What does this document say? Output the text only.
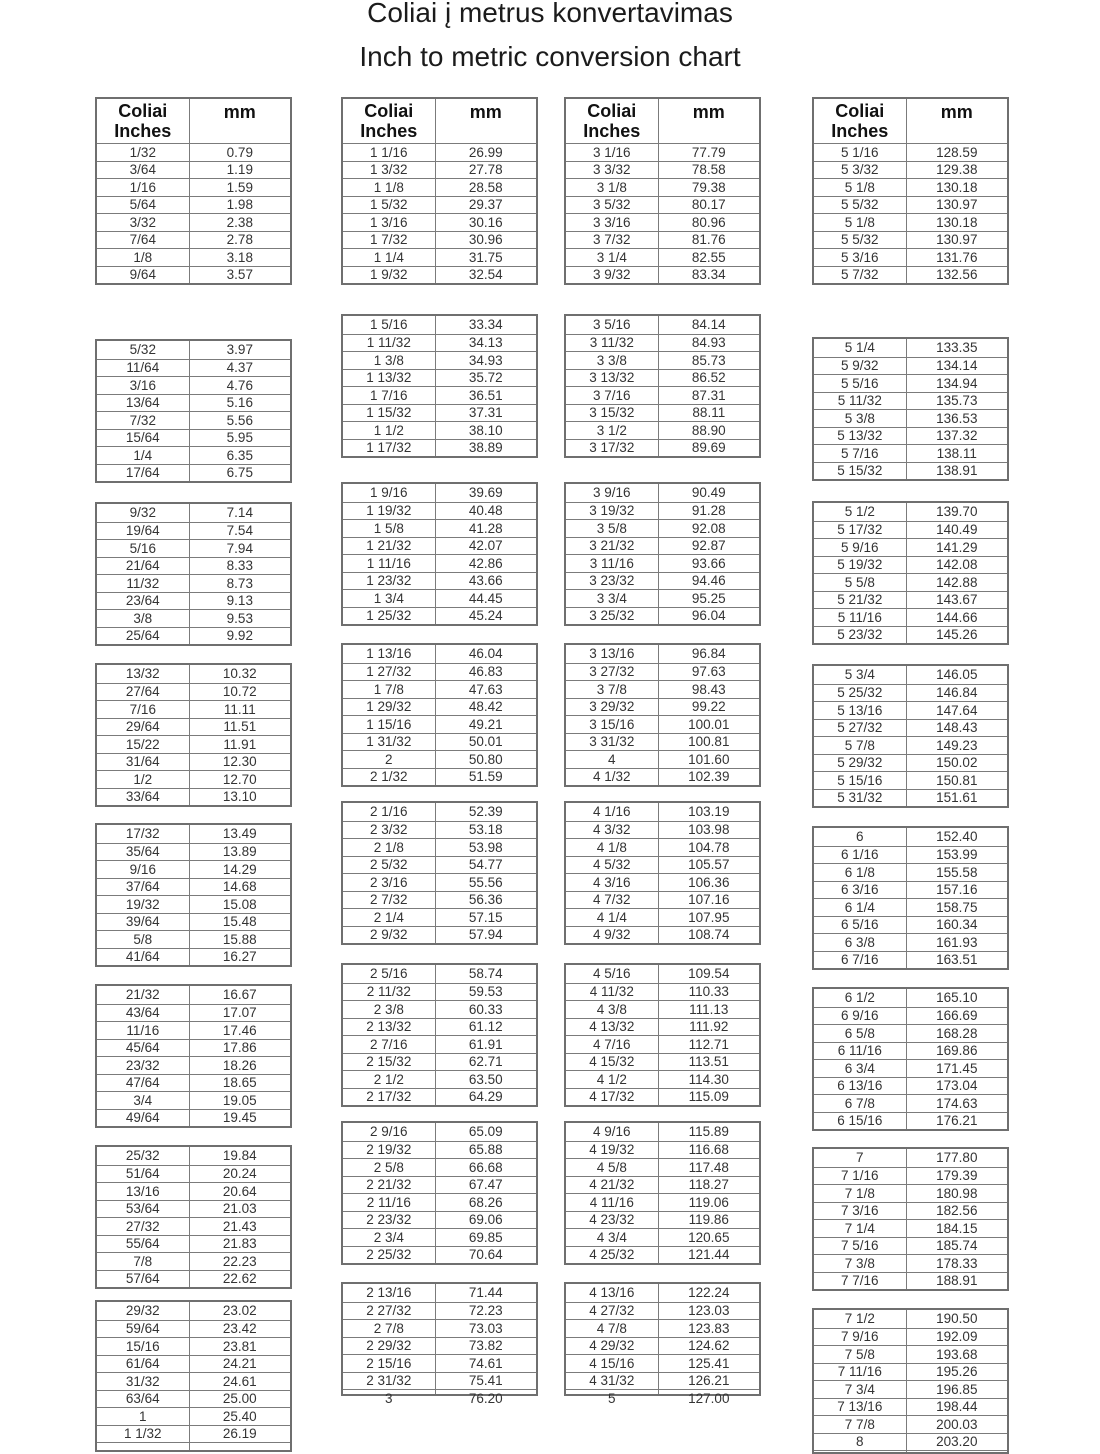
Coliai į metrus konvertavimas
Inch to metric conversion chart
Coliai
Inches
mm
1/32	0.79
3/64	1.19
1/16	1.59
5/64	1.98
3/32	2.38
7/64	2.78
1/8	3.18
9/64	3.57
5/32	3.97
11/64	4.37
3/16	4.76
13/64	5.16
7/32	5.56
15/64	5.95
1/4	6.35
17/64	6.75
9/32	7.14
19/64	7.54
5/16	7.94
21/64	8.33
11/32	8.73
23/64	9.13
3/8	9.53
25/64	9.92
13/32	10.32
27/64	10.72
7/16	11.11
29/64	11.51
15/22	11.91
31/64	12.30
1/2	12.70
33/64	13.10
17/32	13.49
35/64	13.89
9/16	14.29
37/64	14.68
19/32	15.08
39/64	15.48
5/8	15.88
41/64	16.27
21/32	16.67
43/64	17.07
11/16	17.46
45/64	17.86
23/32	18.26
47/64	18.65
3/4	19.05
49/64	19.45
25/32	19.84
51/64	20.24
13/16	20.64
53/64	21.03
27/32	21.43
55/64	21.83
7/8	22.23
57/64	22.62
29/32	23.02
59/64	23.42
15/16	23.81
61/64	24.21
31/32	24.61
63/64	25.00
1	25.40
1 1/32	26.19
Coliai
Inches
mm
1 1/16	26.99
1 3/32	27.78
1 1/8	28.58
1 5/32	29.37
1 3/16	30.16
1 7/32	30.96
1 1/4	31.75
1 9/32	32.54
1 5/16	33.34
1 11/32	34.13
1 3/8	34.93
1 13/32	35.72
1 7/16	36.51
1 15/32	37.31
1 1/2	38.10
1 17/32	38.89
1 9/16	39.69
1 19/32	40.48
1 5/8	41.28
1 21/32	42.07
1 11/16	42.86
1 23/32	43.66
1 3/4	44.45
1 25/32	45.24
1 13/16	46.04
1 27/32	46.83
1 7/8	47.63
1 29/32	48.42
1 15/16	49.21
1 31/32	50.01
2	50.80
2 1/32	51.59
2 1/16	52.39
2 3/32	53.18
2 1/8	53.98
2 5/32	54.77
2 3/16	55.56
2 7/32	56.36
2 1/4	57.15
2 9/32	57.94
2 5/16	58.74
2 11/32	59.53
2 3/8	60.33
2 13/32	61.12
2 7/16	61.91
2 15/32	62.71
2 1/2	63.50
2 17/32	64.29
2 9/16	65.09
2 19/32	65.88
2 5/8	66.68
2 21/32	67.47
2 11/16	68.26
2 23/32	69.06
2 3/4	69.85
2 25/32	70.64
2 13/16	71.44
2 27/32	72.23
2 7/8	73.03
2 29/32	73.82
2 15/16	74.61
2 31/32	75.41
3	76.20
Coliai
Inches
mm
3 1/16	77.79
3 3/32	78.58
3 1/8	79.38
3 5/32	80.17
3 3/16	80.96
3 7/32	81.76
3 1/4	82.55
3 9/32	83.34
3 5/16	84.14
3 11/32	84.93
3 3/8	85.73
3 13/32	86.52
3 7/16	87.31
3 15/32	88.11
3 1/2	88.90
3 17/32	89.69
3 9/16	90.49
3 19/32	91.28
3 5/8	92.08
3 21/32	92.87
3 11/16	93.66
3 23/32	94.46
3 3/4	95.25
3 25/32	96.04
3 13/16	96.84
3 27/32	97.63
3 7/8	98.43
3 29/32	99.22
3 15/16	100.01
3 31/32	100.81
4	101.60
4 1/32	102.39
4 1/16	103.19
4 3/32	103.98
4 1/8	104.78
4 5/32	105.57
4 3/16	106.36
4 7/32	107.16
4 1/4	107.95
4 9/32	108.74
4 5/16	109.54
4 11/32	110.33
4 3/8	111.13
4 13/32	111.92
4 7/16	112.71
4 15/32	113.51
4 1/2	114.30
4 17/32	115.09
4 9/16	115.89
4 19/32	116.68
4 5/8	117.48
4 21/32	118.27
4 11/16	119.06
4 23/32	119.86
4 3/4	120.65
4 25/32	121.44
4 13/16	122.24
4 27/32	123.03
4 7/8	123.83
4 29/32	124.62
4 15/16	125.41
4 31/32	126.21
5	127.00
Coliai
Inches
mm
5 1/16	128.59
5 3/32	129.38
5 1/8	130.18
5 5/32	130.97
5 1/8	130.18
5 5/32	130.97
5 3/16	131.76
5 7/32	132.56
5 1/4	133.35
5 9/32	134.14
5 5/16	134.94
5 11/32	135.73
5 3/8	136.53
5 13/32	137.32
5 7/16	138.11
5 15/32	138.91
5 1/2	139.70
5 17/32	140.49
5 9/16	141.29
5 19/32	142.08
5 5/8	142.88
5 21/32	143.67
5 11/16	144.66
5 23/32	145.26
5 3/4	146.05
5 25/32	146.84
5 13/16	147.64
5 27/32	148.43
5 7/8	149.23
5 29/32	150.02
5 15/16	150.81
5 31/32	151.61
6	152.40
6 1/16	153.99
6 1/8	155.58
6 3/16	157.16
6 1/4	158.75
6 5/16	160.34
6 3/8	161.93
6 7/16	163.51
6 1/2	165.10
6 9/16	166.69
6 5/8	168.28
6 11/16	169.86
6 3/4	171.45
6 13/16	173.04
6 7/8	174.63
6 15/16	176.21
7	177.80
7 1/16	179.39
7 1/8	180.98
7 3/16	182.56
7 1/4	184.15
7 5/16	185.74
7 3/8	178.33
7 7/16	188.91
7 1/2	190.50
7 9/16	192.09
7 5/8	193.68
7 11/16	195.26
7 3/4	196.85
7 13/16	198.44
7 7/8	200.03
8	203.20
